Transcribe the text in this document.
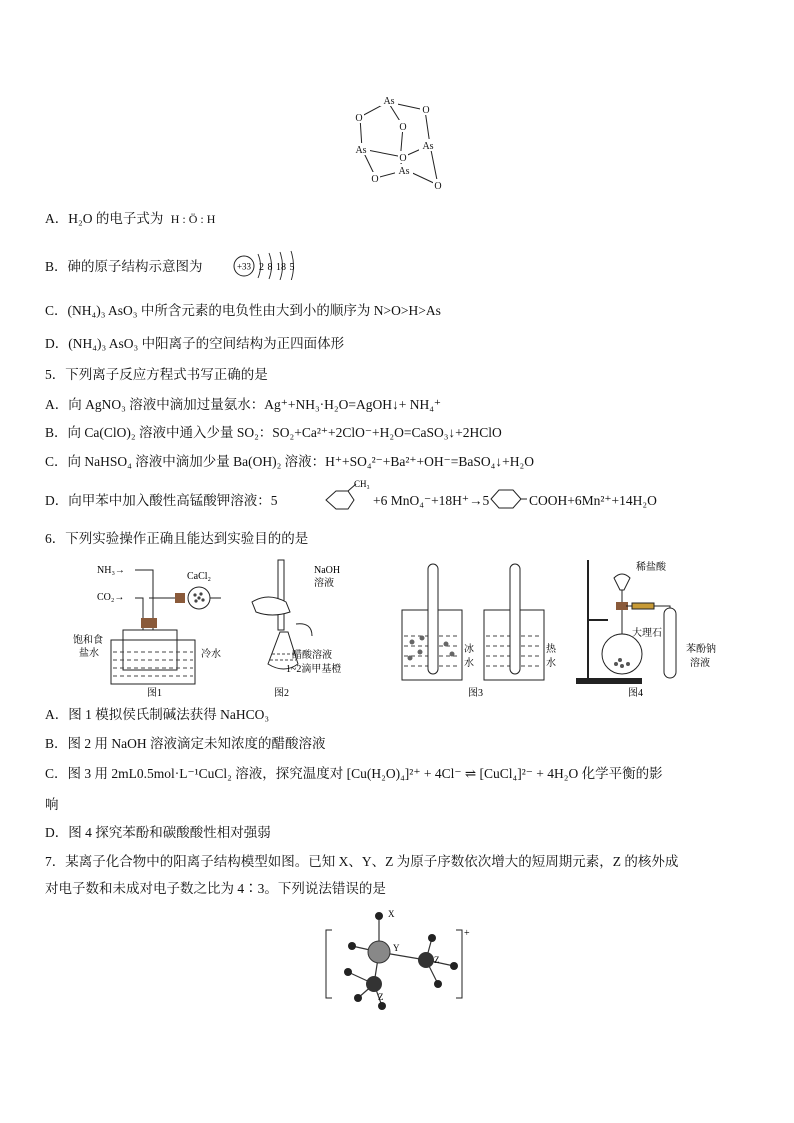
As
O
O
O
As	As
O
As
O
O
A．H₂O 的电子式为 H : Ö : H
B．砷的原子结构示意图为	+33 2 8 18 5
C．(NH₄)₃ AsO₃ 中所含元素的电负性由大到小的顺序为 N>O>H>As
D．(NH₄)₃ AsO₃ 中阳离子的空间结构为正四面体形
5．下列离子反应方程式书写正确的是
A．向 AgNO₃ 溶液中滴加过量氨水：Ag⁺+NH₃·H₂O=AgOH↓+ NH₄⁺
B．向 Ca(ClO)₂ 溶液中通入少量 SO₂：SO₂+Ca²⁺+2ClO⁻+H₂O=CaSO₃↓+2HClO
C．向 NaHSO₄ 溶液中滴加少量 Ba(OH)₂ 溶液：H⁺+SO₄²⁻+Ba²⁺+OH⁻=BaSO₄↓+H₂O
D．向甲苯中加入酸性高锰酸钾溶液：5
CH₃
+6 MnO₄⁻+18H⁺→5	COOH+6Mn²⁺+14H₂O
6．下列实验操作正确且能达到实验目的的是
NH₃→
CO₂→
CaCl₂
饱和食
盐水	冷水
图1
NaOH
溶液
醋酸溶液
1~2滴甲基橙
图2
冰
水
热
水
图3
稀盐酸
大理石
苯酚钠
溶液
图4
A．图 1 模拟侯氏制碱法获得 NaHCO₃
B．图 2 用 NaOH 溶液滴定未知浓度的醋酸溶液
C．图 3 用 2mL0.5mol·L⁻¹CuCl₂ 溶液，探究温度对 [Cu(H₂O)₄]²⁺ + 4Cl⁻ ⇌ [CuCl₄]²⁻ + 4H₂O 化学平衡的影
响
D．图 4 探究苯酚和碳酸酸性相对强弱
7．某离子化合物中的阳离子结构模型如图。已知 X、Y、Z 为原子序数依次增大的短周期元素，Z 的核外成
对电子数和未成对电子数之比为 4∶3。下列说法错误的是
+
X
Y
Z
Z
